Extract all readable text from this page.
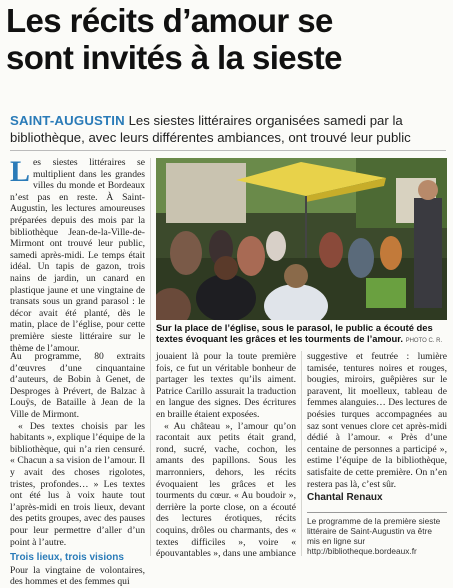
Les récits d’amour se
sont invités à la sieste

SAINT-AUGUSTIN Les siestes littéraires organisées samedi par la bibliothèque, avec leurs différentes ambiances, ont trouvé leur public

Les siestes littéraires se multiplient dans les grandes villes du monde et Bordeaux n’est pas en reste. À Saint-Augustin, les lectures amoureuses préparées depuis des mois par la bibliothèque Jean-de-la-Ville-de-Mirmont ont trouvé leur public, samedi après-midi. Le temps était idéal. Un tapis de gazon, trois nains de jardin, un canard en plastique jaune et une vingtaine de transats sous un grand parasol : le décor avait été planté, dès le matin, place de l’église, pour cette première sieste littéraire sur le thème de l’amour.

Sur la place de l’église, sous le parasol, le public a écouté des textes évoquant les grâces et les tourments de l’amour. PHOTO C. R.

Au programme, 80 extraits d’œuvres d’une cinquantaine d’auteurs, de Bobin à Genet, de Desproges à Prévert, de Balzac à Louÿs, de Bataille à Jean de la Ville de Mirmont.

« Des textes choisis par les habitants », explique l’équipe de la bibliothèque, qui n’a rien censuré. « Chacun a sa vision de l’amour. Il y avait des choses rigolotes, tristes, profondes… » Les textes ont été lus à voix haute tout l’après-midi en trois lieux, devant des petits groupes, avec des pauses pour leur permettre d’aller d’un point à l’autre.

Trois lieux, trois visions

Pour la vingtaine de volontaires, des hommes et des femmes qui

jouaient là pour la toute première fois, ce fut un véritable bonheur de partager les textes qu’ils aiment. Patrice Carillo assurait la traduction en langue des signes. Des écritures en braille étaient exposées.

« Au château », l’amour qu’on racontait aux petits était grand, rond, sucré, vache, cochon, les amants des papillons. Sous les marronniers, dehors, les récits évoquaient les grâces et les tourments du cœur. « Au boudoir », derrière la porte close, on a écouté des lectures érotiques, récits coquins, drôles ou charmants, des « textes difficiles », voire « épouvantables », dans une ambiance

suggestive et feutrée : lumière tamisée, tentures noires et rouges, bougies, miroirs, guêpières sur le paravent, lit moelleux, tableau de femmes alanguies… Des lectures de poésies turques accompagnées au saz sont venues clore cet après-midi dédié à l’amour. « Près d’une centaine de personnes a participé », estime l’équipe de la bibliothèque, satisfaite de cette première. On n’en restera pas là, c’est sûr.

Chantal Renaux
Le programme de la première sieste littéraire de Saint-Augustin va être mis en ligne sur http://bibliotheque.bordeaux.fr
